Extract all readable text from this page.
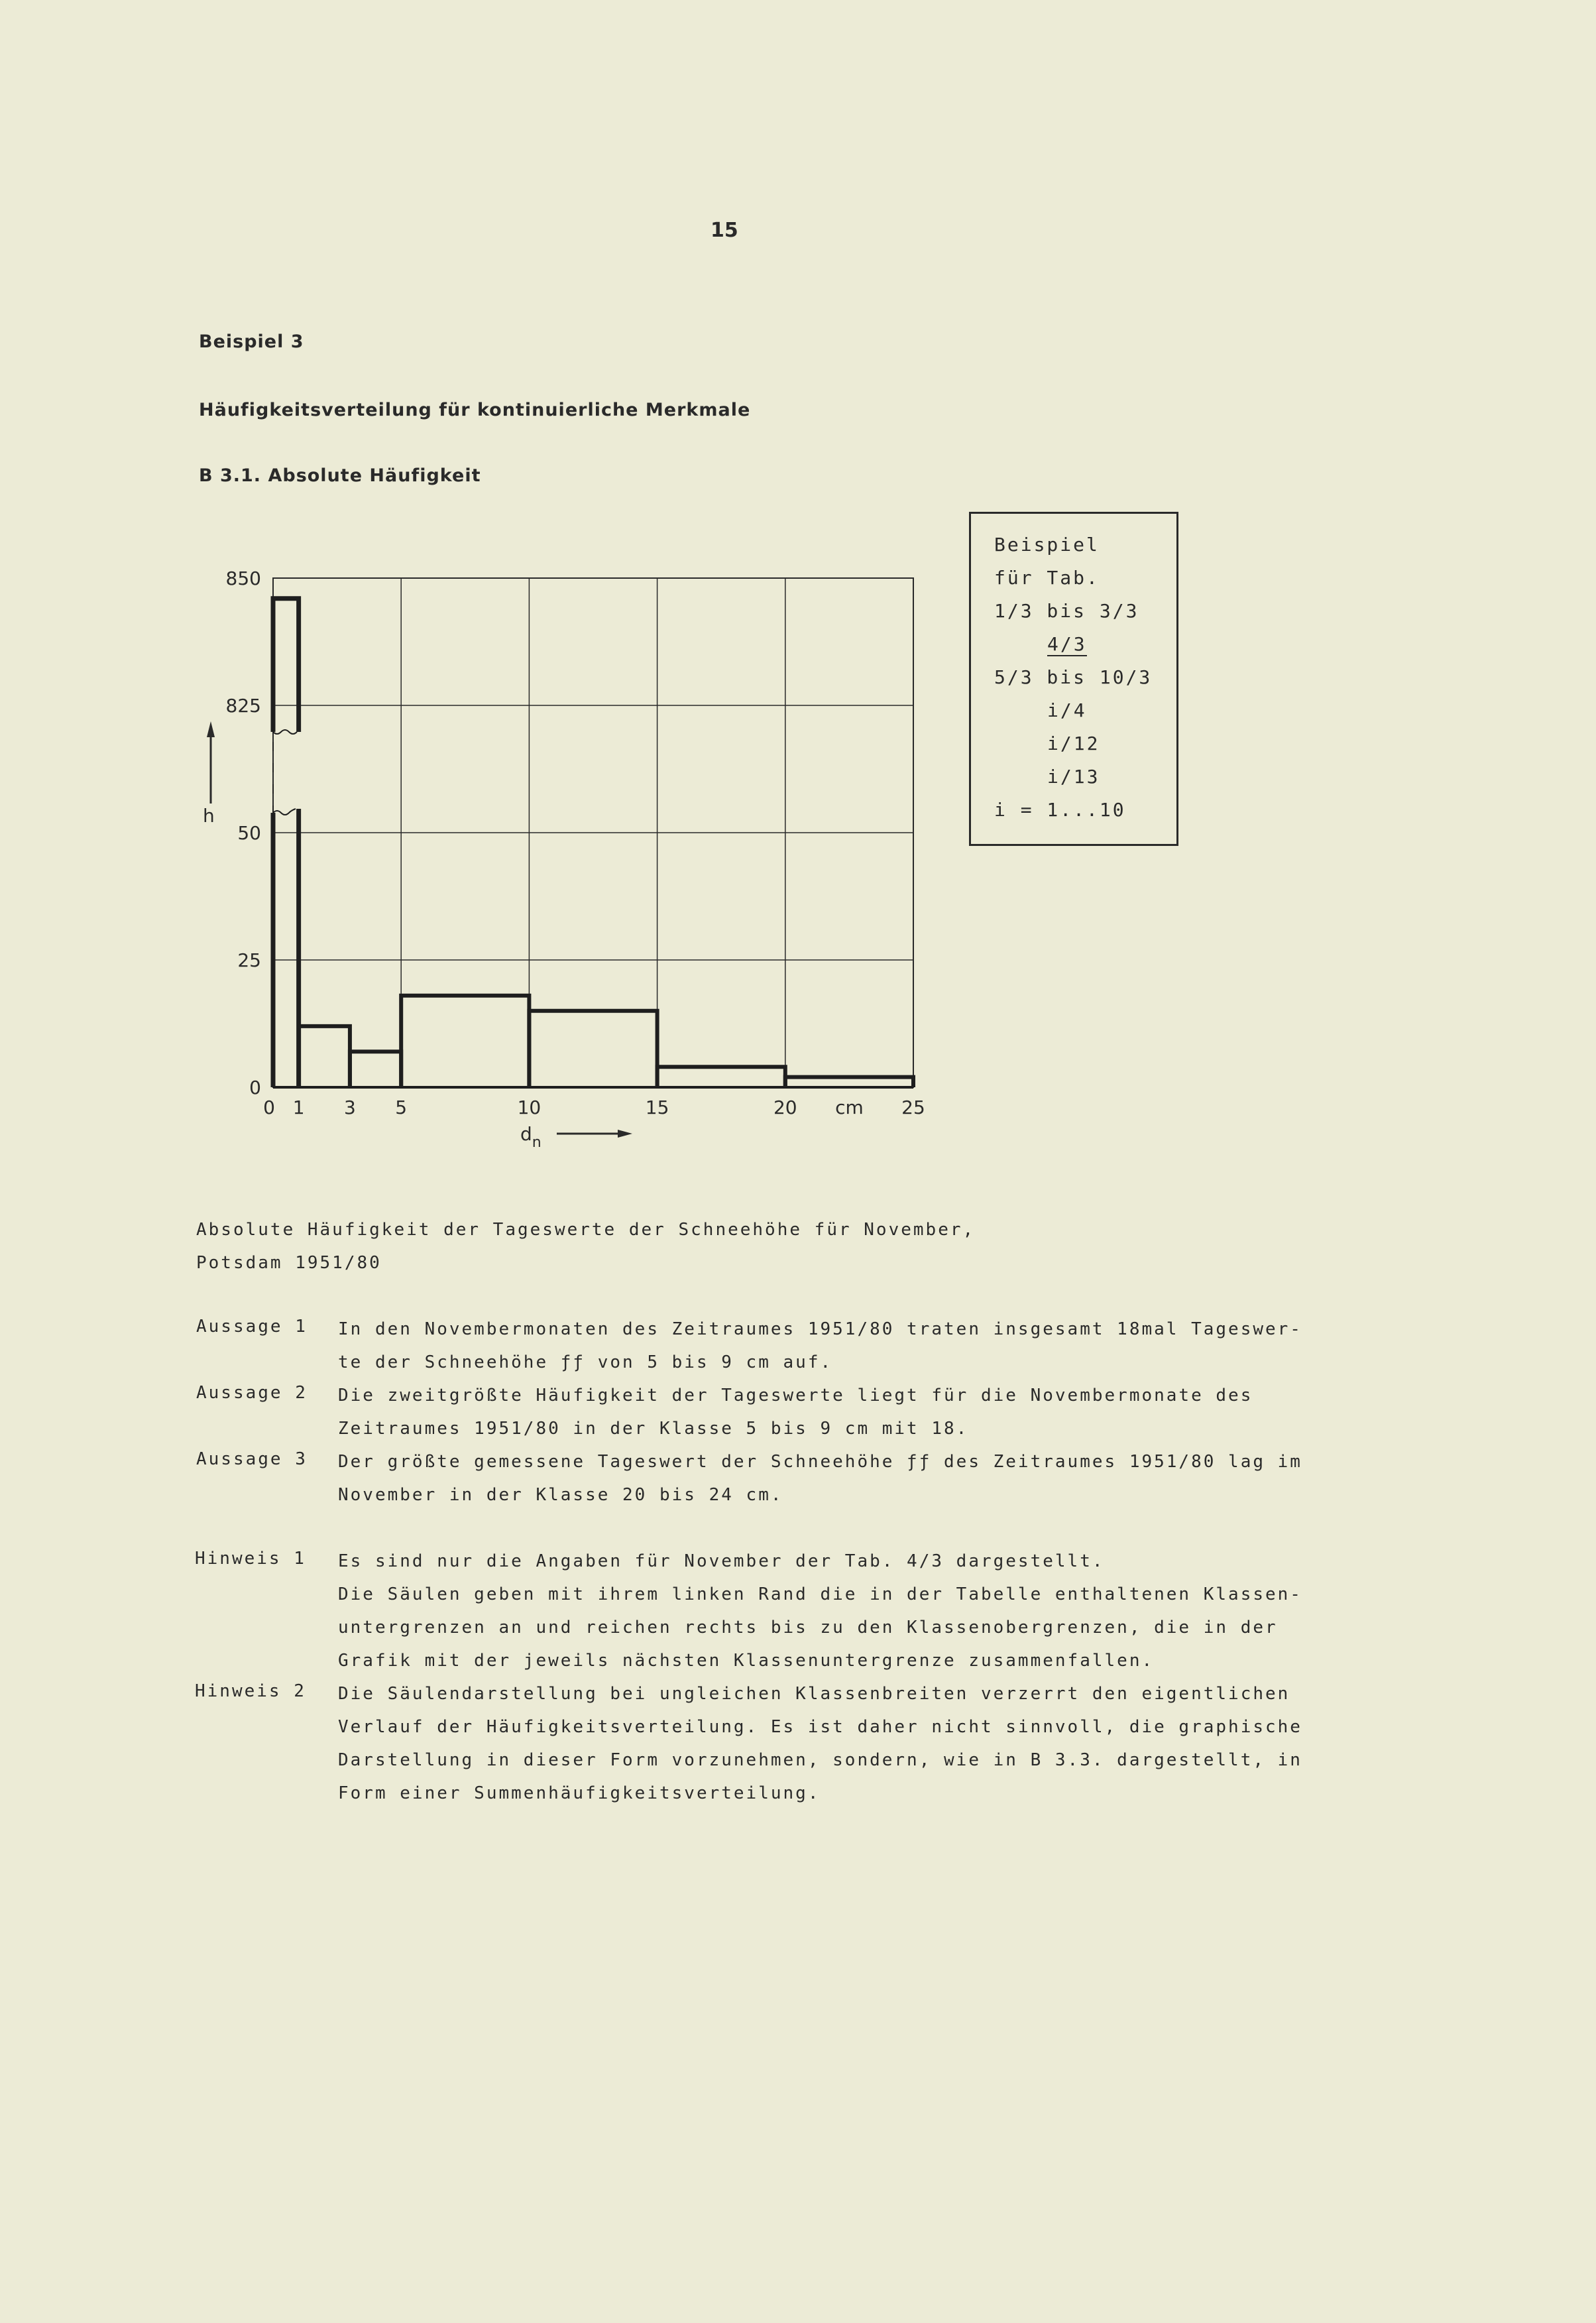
15
Beispiel 3
Häufigkeitsverteilung für kontinuierliche Merkmale
B 3.1. Absolute Häufigkeit
Beispiel
für Tab.
1/3 bis 3/3
4/3
5/3 bis 10/3
i/4
i/12
i/13
i = 1...10
0
25
50
825
850
0 1 3 5	10	15	20 cm 25
h
$d_n$
Absolute Häufigkeit der Tageswerte der Schneehöhe für November,
Potsdam 1951/80
Aussage 1	In den Novembermonaten des Zeitraumes 1951/80 traten insgesamt 18mal Tageswer-
te der Schneehöhe ƒƒ von 5 bis 9 cm auf.
Aussage 2	Die zweitgrößte Häufigkeit der Tageswerte liegt für die Novembermonate des
Zeitraumes 1951/80 in der Klasse 5 bis 9 cm mit 18.
Aussage 3	Der größte gemessene Tageswert der Schneehöhe ƒƒ des Zeitraumes 1951/80 lag im
November in der Klasse 20 bis 24 cm.
Hinweis 1	Es sind nur die Angaben für November der Tab. 4/3 dargestellt.
Die Säulen geben mit ihrem linken Rand die in der Tabelle enthaltenen Klassen-
untergrenzen an und reichen rechts bis zu den Klassenobergrenzen, die in der
Grafik mit der jeweils nächsten Klassenuntergrenze zusammenfallen.
Hinweis 2	Die Säulendarstellung bei ungleichen Klassenbreiten verzerrt den eigentlichen
Verlauf der Häufigkeitsverteilung. Es ist daher nicht sinnvoll, die graphische
Darstellung in dieser Form vorzunehmen, sondern, wie in B 3.3. dargestellt, in
Form einer Summenhäufigkeitsverteilung.
